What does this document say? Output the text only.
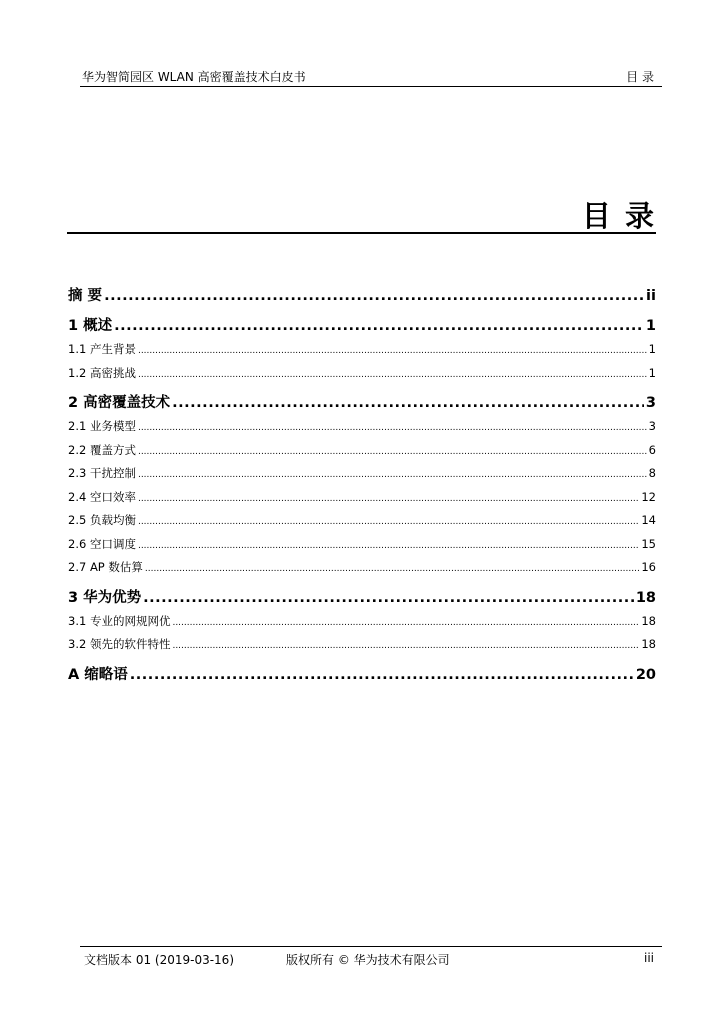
华为智简园区 WLAN 高密覆盖技术白皮书	目 录
目 录
摘 要 .....	ii
1 概述 .....	1
1.1 产生背景 .....	1
1.2 高密挑战 .....	1
2 高密覆盖技术 .....	3
2.1 业务模型 .....	3
2.2 覆盖方式 .....	6
2.3 干扰控制 .....	8
2.4 空口效率 .....	12
2.5 负载均衡 .....	14
2.6 空口调度 .....	15
2.7 AP 数估算 .....	16
3 华为优势 .....	18
3.1 专业的网规网优 .....	18
3.2 领先的软件特性 .....	18
A 缩略语 .....	20
文档版本 01 (2019-03-16)	版权所有 © 华为技术有限公司	iii
